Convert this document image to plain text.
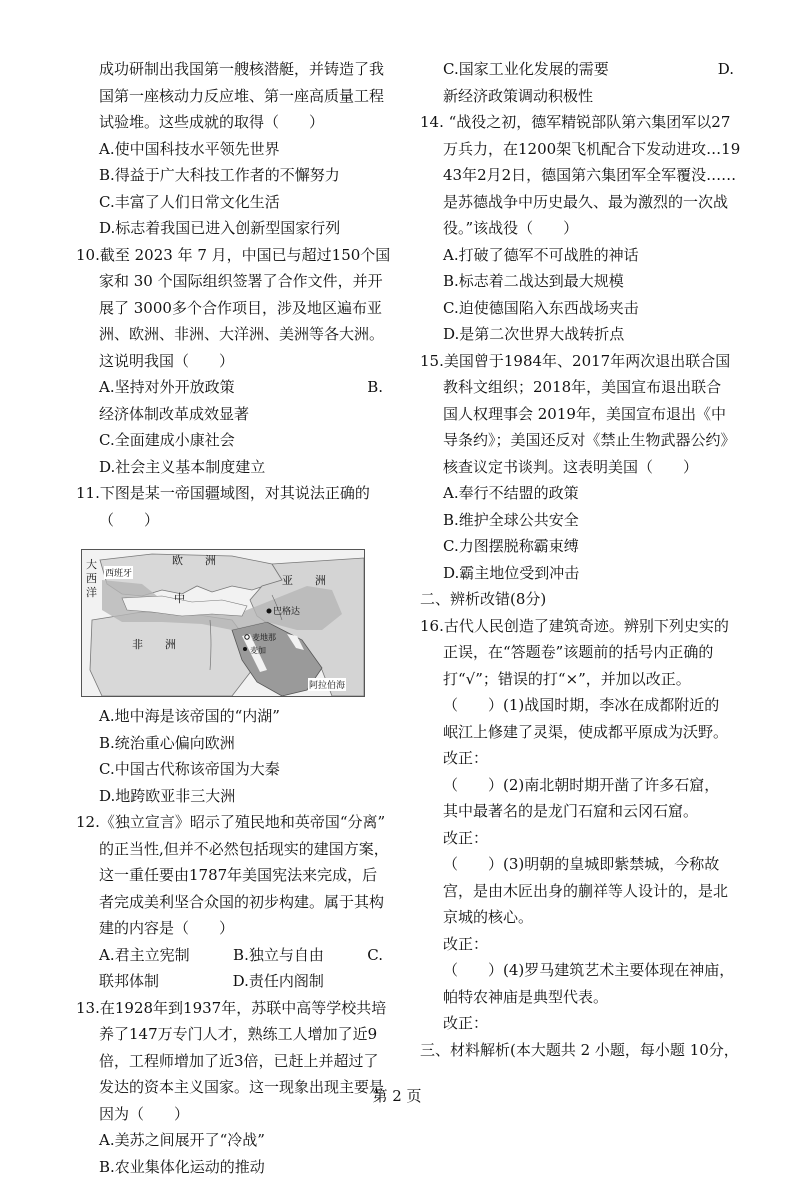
成功研制出我国第一艘核潜艇，并铸造了我
国第一座核动力反应堆、第一座高质量工程
试验堆。这些成就的取得（　　）
A.使中国科技水平领先世界
B.得益于广大科技工作者的不懈努力
C.丰富了人们日常文化生活
D.标志着我国已进入创新型国家行列
10.截至 2023 年 7 月，中国已与超过150个国
家和 30 个国际组织签署了合作文件，并开
展了 3000多个合作项目，涉及地区遍布亚
洲、欧洲、非洲、大洋洲、美洲等各大洲。
这说明我国（　　）
A.坚持对外开放政策	B.
经济体制改革成效显著
C.全面建成小康社会
D.社会主义基本制度建立
11.下图是某一帝国疆域图，对其说法正确的
（　　）
大
西
洋
西班牙
欧　　洲
中
亚　　洲
巴格达
非　　洲
麦地那
麦加
阿拉伯海
A.地中海是该帝国的“内湖”
B.统治重心偏向欧洲
C.中国古代称该帝国为大秦
D.地跨欧亚非三大洲
12.《独立宣言》昭示了殖民地和英帝国“分离”
的正当性,但并不必然包括现实的建国方案，
这一重任要由1787年美国宪法来完成，后
者完成美利坚合众国的初步构建。属于其构
建的内容是（　　）
A.君主立宪制	B.独立与自由	C.
联邦体制	D.责任内阁制
13.在1928年到1937年，苏联中高等学校共培
养了147万专门人才，熟练工人增加了近9
倍，工程师增加了近3倍，已赶上并超过了
发达的资本主义国家。这一现象出现主要是
因为（　　）
A.美苏之间展开了“冷战”
B.农业集体化运动的推动
C.国家工业化发展的需要	D.
新经济政策调动积极性
14. “战役之初，德军精锐部队第六集团军以27
万兵力，在1200架飞机配合下发动进攻…19
43年2月2日，德国第六集团军全军覆没……
是苏德战争中历史最久、最为激烈的一次战
役。”该战役（　　）
A.打破了德军不可战胜的神话
B.标志着二战达到最大规模
C.迫使德国陷入东西战场夹击
D.是第二次世界大战转折点
15.美国曾于1984年、2017年两次退出联合国
教科文组织；2018年，美国宣布退出联合
国人权理事会 2019年，美国宣布退出《中
导条约》；美国还反对《禁止生物武器公约》
核查议定书谈判。这表明美国（　　）
A.奉行不结盟的政策
B.维护全球公共安全
C.力图摆脱称霸束缚
D.霸主地位受到冲击
二、辨析改错(8分)
16.古代人民创造了建筑奇迹。辨别下列史实的
正误，在“答题卷”该题前的括号内正确的
打“√”；错误的打“×”，并加以改正。
（　　）(1)战国时期，李冰在成都附近的
岷江上修建了灵渠，使成都平原成为沃野。
改正：
（　　）(2)南北朝时期开凿了许多石窟，
其中最著名的是龙门石窟和云冈石窟。
改正：
（　　）(3)明朝的皇城即紫禁城，今称故
宫，是由木匠出身的蒯祥等人设计的，是北
京城的核心。
改正：
（　　）(4)罗马建筑艺术主要体现在神庙，
帕特农神庙是典型代表。
改正：
三、材料解析(本大题共 2 小题，每小题 10分，
第 2 页
